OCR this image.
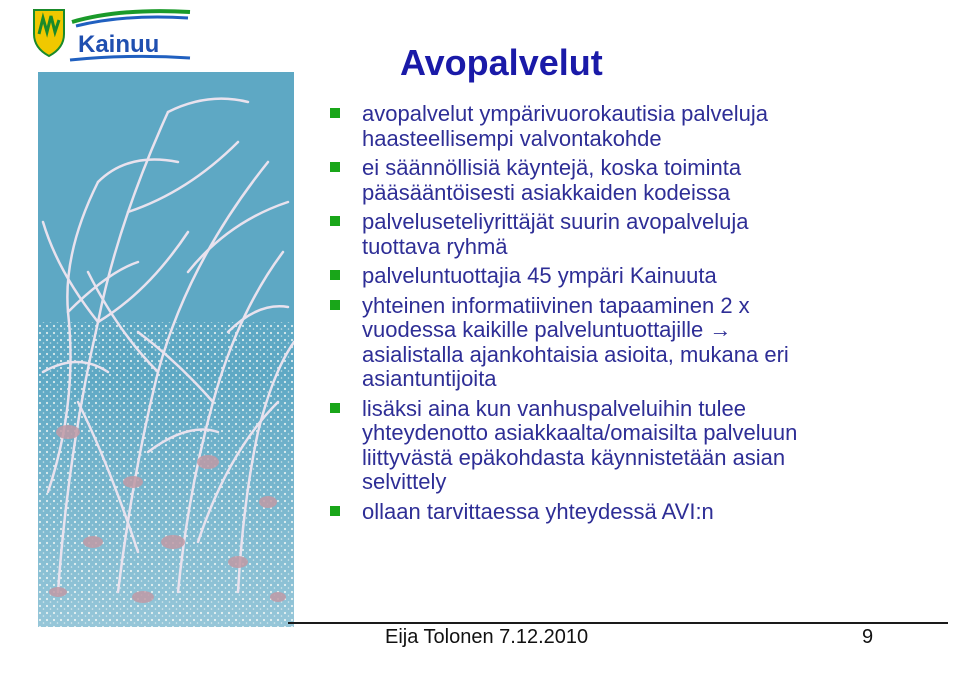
Kainuu	Avopalvelut
avopalvelut ympärivuorokautisia palveluja
haasteellisempi valvontakohde
ei säännöllisiä käyntejä, koska toiminta
pääsääntöisesti asiakkaiden kodeissa
palveluseteliyrittäjät suurin avopalveluja
tuottava ryhmä
palveluntuottajia 45 ympäri Kainuuta
yhteinen informatiivinen tapaaminen 2 x
vuodessa kaikille palveluntuottajille →
asialistalla ajankohtaisia asioita, mukana eri
asiantuntijoita
lisäksi aina kun vanhuspalveluihin tulee
yhteydenotto asiakkaalta/omaisilta palveluun
liittyvästä epäkohdasta käynnistetään asian
selvittely
ollaan tarvittaessa yhteydessä AVI:n
Eija Tolonen 7.12.2010	9
